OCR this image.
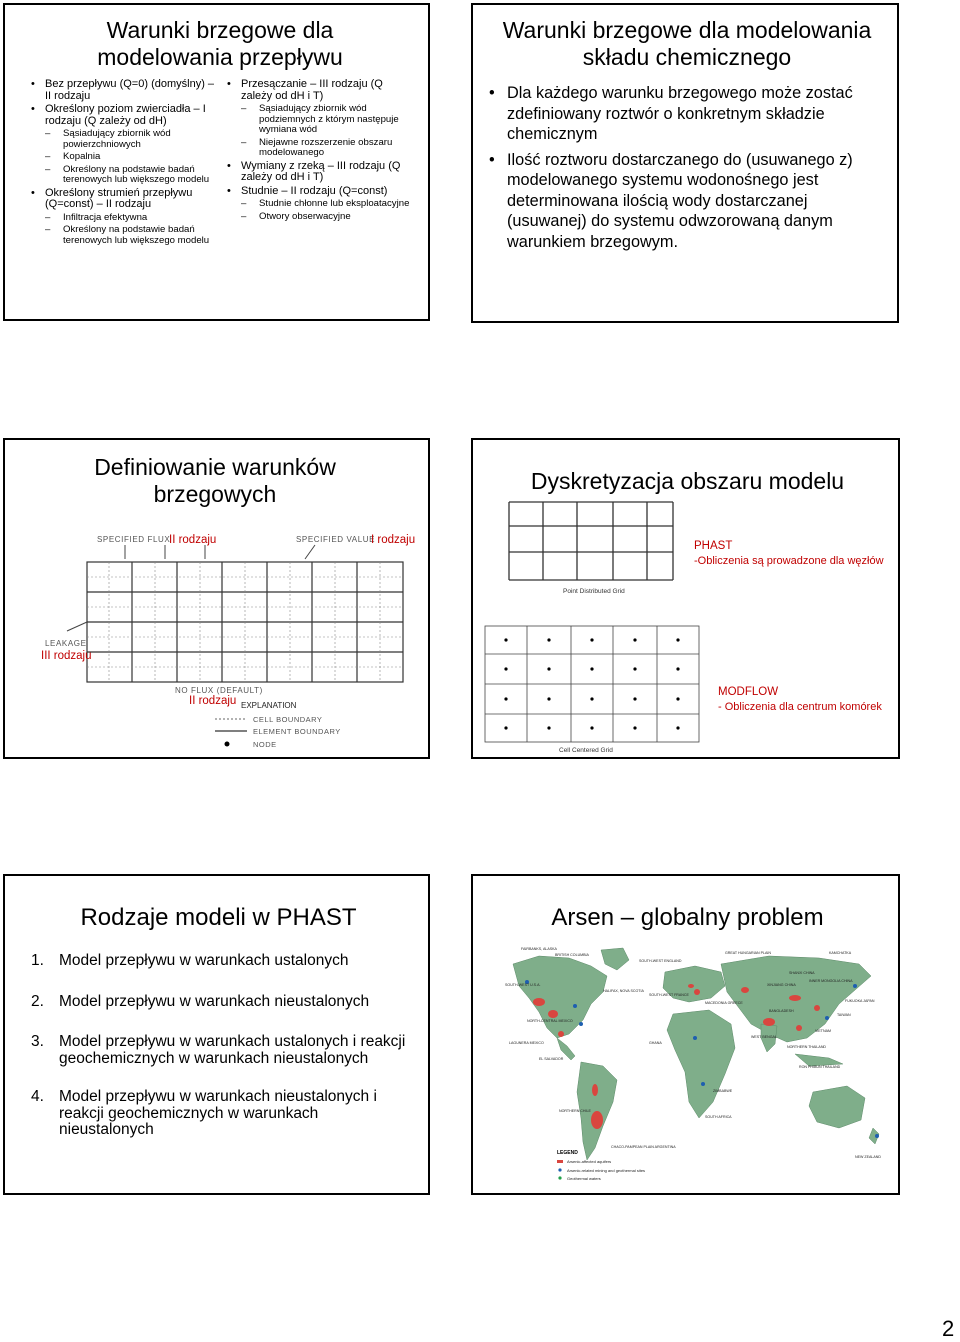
Warunki brzegowe dla modelowania przepływu
• Bez przepływu (Q=0) (domyślny) – II rodzaju
• Określony poziom zwierciadła – I rodzaju (Q zależy od dH)
– Sąsiadujący zbiornik wód powierzchniowych
– Kopalnia
– Określony na podstawie badań terenowych lub większego modelu
• Określony strumień przepływu (Q=const) – II rodzaju
– Infiltracja efektywna
– Określony na podstawie badań terenowych lub większego modelu
• Przesączanie – III rodzaju (Q zależy od dH i T)
– Sąsiadujący zbiornik wód podziemnych z którym następuje wymiana wód
– Niejawne rozszerzenie obszaru modelowanego
• Wymiany z rzeką – III rodzaju (Q zależy od dH i T)
• Studnie – II rodzaju (Q=const)
– Studnie chłonne lub eksploatacyjne
– Otwory obserwacyjne
Warunki brzegowe dla modelowania składu chemicznego
• Dla każdego warunku brzegowego może zostać zdefiniowany roztwór o konkretnym składzie chemicznym
• Ilość roztworu dostarczanego do (usuwanego z) modelowanego systemu wodonośnego jest determinowana ilością wody dostarczanej (usuwanej) do systemu odwzorowaną danym warunkiem brzegowym.
Definiowanie warunków brzegowych
SPECIFIED FLUX
II rodzaju	SPECIFIED VALUE
I rodzaju
LEAKAGE
III rodzaju
NO FLUX (DEFAULT)
II rodzaju EXPLANATION
CELL BOUNDARY
ELEMENT BOUNDARY
NODE
Dyskretyzacja obszaru modelu
Point Distributed Grid
PHAST
-Obliczenia są prowadzone dla węzłów
Cell Centered Grid
MODFLOW
- Obliczenia dla centrum komórek
Rodzaje modeli w PHAST
1. Model przepływu w warunkach ustalonych
2. Model przepływu w warunkach nieustalonych
3. Model przepływu w warunkach ustalonych i reakcji geochemicznych w warunkach nieustalonych
4. Model przepływu w warunkach nieustalonych i reakcji geochemicznych w warunkach nieustalonych
Arsen – globalny problem
FAIRBANKS, ALASKA
BRITISH COLUMBIA
SOUTH-WEST ENGLAND
GREAT HUNGARIAN PLAIN	KAMCHATKA
SOUTH-WEST U.S.A.
HALIFAX, NOVA SCOTIA
NORTH-CENTRAL MEXICO
LAGUNERA MEXICO
EL SALVADOR
SOUTH-WEST FRANCE
INNER MONGOLIA CHINA
TAIWAN
VIETNAM
BANGLADESH
WEST BENGAL
GHANA
ZIMBABWE
SOUTH AFRICA
CHACO-PAMPEAN PLAIN ARGENTINA
NORTHERN CHILE
NEW ZEALAND
FUKUOKA JAPAN
NORTHERN THAILAND
XINJIANG CHINA
SHANXI CHINA
RON PHIBUN THAILAND
MACEDONIA GREECE
LEGEND
Arsenic-affected aquifers
Arsenic-related mining and geothermal sites
Geothermal waters
2
